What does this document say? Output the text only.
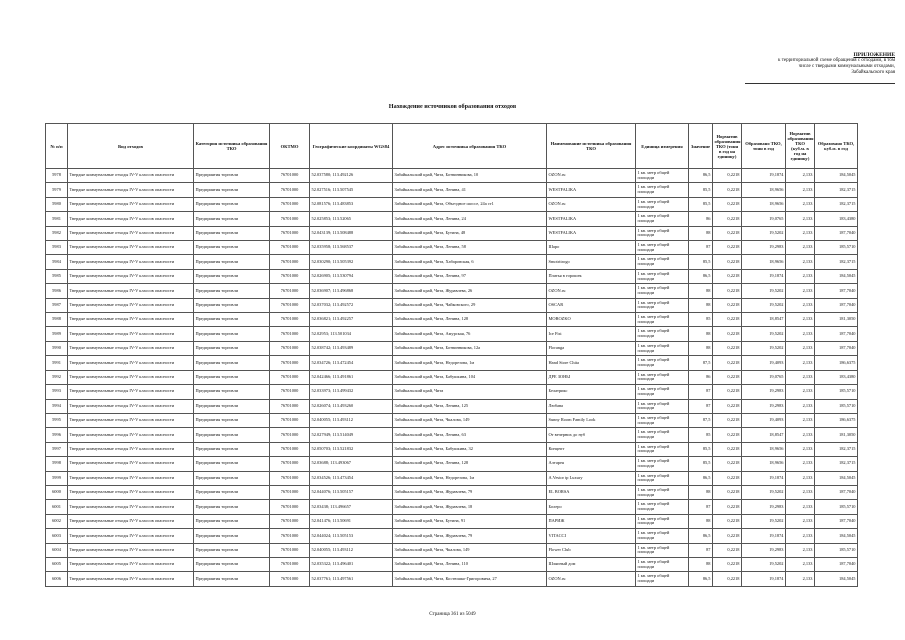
ПРИЛОЖЕНИЕ
к территориальной схеме обращения с отходами, в том
числе с твердыми коммунальными отходами,
Забайкальского края
Нахождение источников образования отходов
№ п/п	Вид отходов	Категория источника образования ТКО	ОКТМО	Географические координаты WGS84	Адрес источника образования ТКО	Наименование источника образования ТКО	Единица измерения	Значение	Норматив образования ТКО (тонн в год на единицу)	Образовано ТКО, тонн в год	Норматив образования ТКО (куб.м. в год на единицу)	Образовано ТКО, куб.м. в год
5978	Твердые коммунальные отходы IV-V классов опасности	Предприятия торговли	76701000	52.037580; 113.492126	Забайкальский край, Чита, Ботвинникова, 10	OZON.ru	1 кв. метр общей площади	86,5	0,2218	19,1874	2,133	184,5045
5979	Твердые коммунальные отходы IV-V классов опасности	Предприятия торговли	76701000	52.027516; 113.507545	Забайкальский край, Чита, Ленина, 41	WESTFALIKA	1 кв. метр общей площади	85,5	0,2218	18,9656	2,133	182,3715
5980	Твердые коммунальные отходы IV-V классов опасности	Предприятия торговли	76701000	52.081576; 113.483853	Забайкальский край, Чита, Объездное шоссе, 24а ст1	OZON.ru	1 кв. метр общей площади	85,5	0,2218	18,9656	2,133	182,3715
5981	Твердые коммунальные отходы IV-V классов опасности	Предприятия торговли	76701000	52.025853; 113.52065	Забайкальский край, Чита, Ленина, 24	WESTFALIKA	1 кв. метр общей площади	86	0,2218	19,0765	2,133	183,4380
5982	Твердые коммунальные отходы IV-V классов опасности	Предприятия торговли	76701000	52.043139; 113.508488	Забайкальский край, Чита, Бутина, 48	WESTFALIKA	1 кв. метр общей площади	88	0,2218	19,5202	2,133	187,7040
5983	Твердые коммунальные отходы IV-V классов опасности	Предприятия торговли	76701000	52.035958; 113.568537	Забайкальский край, Чита, Ленина, 58	Шаро	1 кв. метр общей площади	87	0,2218	19,2983	2,133	185,5710
5984	Твердые коммунальные отходы IV-V классов опасности	Предприятия торговли	76701000	52.030290; 113.505392	Забайкальский край, Чита, Хабаровская, 6	Smotritrogo	1 кв. метр общей площади	85,5	0,2218	18,9656	2,133	182,3715
5985	Твердые коммунальные отходы IV-V классов опасности	Предприятия торговли	76701000	52.026905; 113.530794	Забайкальский край, Чита, Ленина, 97	Платья в горошек	1 кв. метр общей площади	86,5	0,2218	19,1874	2,133	184,5045
5986	Твердые коммунальные отходы IV-V классов опасности	Предприятия торговли	76701000	52.036907; 113.496868	Забайкальский край, Чита, Журавлева, 26	OZON.ru	1 кв. метр общей площади	88	0,2218	19,5202	2,133	187,7040
5987	Твердые коммунальные отходы IV-V классов опасности	Предприятия торговли	76701000	52.037032; 113.492572	Забайкальский край, Чита, Чайковского, 29	OSCAR	1 кв. метр общей площади	88	0,2218	19,5202	2,133	187,7040
5988	Твердые коммунальные отходы IV-V классов опасности	Предприятия торговли	76701000	52.036821; 113.492257	Забайкальский край, Чита, Ленина, 128	MOROZKO	1 кв. метр общей площади	85	0,2218	18,8547	2,133	181,3050
5989	Твердые коммунальные отходы IV-V классов опасности	Предприятия торговли	76701000	52.02953; 113.501034	Забайкальский край, Чита, Амурская, 76	Ice Fist	1 кв. метр общей площади	88	0,2218	19,5202	2,133	187,7040
5990	Твердые коммунальные отходы IV-V классов опасности	Предприятия торговли	76701000	52.038742; 113.493489	Забайкальский край, Чита, Ботвинникова, 12а	Floranga	1 кв. метр общей площади	88	0,2218	19,5202	2,133	187,7040
5991	Твердые коммунальные отходы IV-V классов опасности	Предприятия торговли	76701000	52.034726; 113.472454	Забайкальский край, Чита, Недорезова, 1м	Hand Store Chita	1 кв. метр общей площади	87,5	0,2218	19,4093	2,133	186,6375
5992	Твердые коммунальные отходы IV-V классов опасности	Предприятия торговли	76701000	52.042466; 113.491861	Забайкальский край, Чита, Бабушкина, 104	ДРЕ ЗОНЫ	1 кв. метр общей площади	86	0,2218	19,0765	2,133	183,4380
5993	Твердые коммунальные отходы IV-V классов опасности	Предприятия торговли	76701000	52.033973; 113.499432	Забайкальский край, Чита	Белатрикс	1 кв. метр общей площади	87	0,2218	19,2983	2,133	185,5710
5994	Твердые коммунальные отходы IV-V классов опасности	Предприятия торговли	76701000	52.026074; 113.493260	Забайкальский край, Чита, Ленина, 125	Любава	1 кв. метр общей площади	87	0,2218	19,2983	2,133	185,5710
5995	Твердые коммунальные отходы IV-V классов опасности	Предприятия торговли	76701000	52.040055; 113.493112	Забайкальский край, Чита, Чкалова, 149	Sunny Room Family Look	1 кв. метр общей площади	87,5	0,2218	19,4093	2,133	186,6375
5996	Твердые коммунальные отходы IV-V классов опасности	Предприятия торговли	76701000	52.027949; 113.514049	Забайкальский край, Чита, Ленина, 63	От вечерних до нуб	1 кв. метр общей площади	85	0,2218	18,8547	2,133	181,3050
5997	Твердые коммунальные отходы IV-V классов опасности	Предприятия торговли	76701000	52.050703; 113.521832	Забайкальский край, Чита, Бабушкина, 32	Концепт	1 кв. метр общей площади	85,5	0,2218	18,9656	2,133	182,3715
5998	Твердые коммунальные отходы IV-V классов опасности	Предприятия торговли	76701000	52.03688; 113.493067	Забайкальский край, Чита, Ленина, 128	Алтарея	1 кв. метр общей площади	85,5	0,2218	18,9656	2,133	182,3715
5999	Твердые коммунальные отходы IV-V классов опасности	Предприятия торговли	76701000	52.034526; 113.473454	Забайкальский край, Чита, Недорезова, 1м	A.Vestor tp Luxury	1 кв. метр общей площади	86,5	0,2218	19,1874	2,133	184,5045
6000	Твердые коммунальные отходы IV-V классов опасности	Предприятия торговли	76701000	52.044076; 113.505157	Забайкальский край, Чита, Журавлева, 79	EL BORSA	1 кв. метр общей площади	88	0,2218	19,5202	2,133	187,7040
6001	Твердые коммунальные отходы IV-V классов опасности	Предприятия торговли	76701000	52.03438; 113.496657	Забайкальский край, Чита, Журавлева, 18	Болеро	1 кв. метр общей площади	87	0,2218	19,2983	2,133	185,5710
6002	Твердые коммунальные отходы IV-V классов опасности	Предприятия торговли	76701000	52.041476; 113.50691	Забайкальский край, Чита, Бутина, 91	ПАРИЖ	1 кв. метр общей площади	88	0,2218	19,5202	2,133	187,7040
6003	Твердые коммунальные отходы IV-V классов опасности	Предприятия торговли	76701000	52.044024; 113.505153	Забайкальский край, Чита, Журавлева, 79	VITACCI	1 кв. метр общей площади	86,5	0,2218	19,1874	2,133	184,5045
6004	Твердые коммунальные отходы IV-V классов опасности	Предприятия торговли	76701000	52.040055; 113.493112	Забайкальский край, Чита, Чкалова, 149	Flower Club	1 кв. метр общей площади	87	0,2218	19,2983	2,133	185,5710
6005	Твердые коммунальные отходы IV-V классов опасности	Предприятия торговли	76701000	52.035322; 113.496401	Забайкальский край, Чита, Ленина, 110	Шляпный дом	1 кв. метр общей площади	88	0,2218	19,5202	2,133	187,7040
6006	Твердые коммунальные отходы IV-V классов опасности	Предприятия торговли	76701000	52.037761; 113.497561	Забайкальский край, Чита, Костюшко-Григоровича, 27	OZON.ru	1 кв. метр общей площади	86,5	0,2218	19,1874	2,133	184,5045
Страница 361 из 5049
